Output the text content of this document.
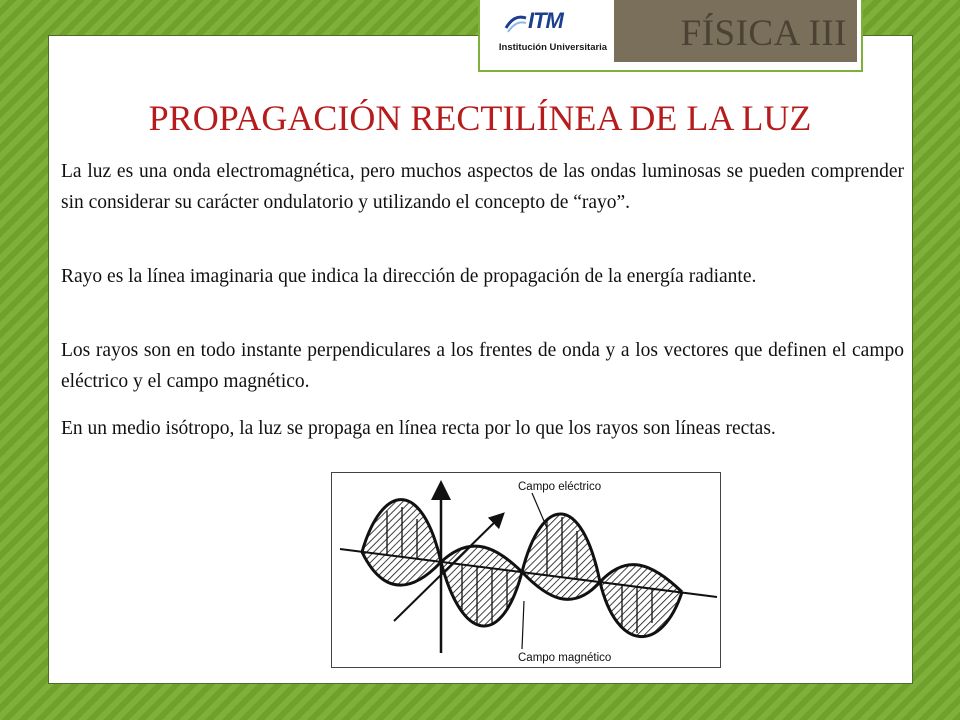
ITM
Institución Universitaria FÍSICA III
PROPAGACIÓN RECTILÍNEA DE LA LUZ

La luz es una onda electromagnética, pero muchos aspectos de las ondas luminosas se pueden comprender sin considerar su carácter ondulatorio y utilizando el concepto de “rayo”.

Rayo es la línea imaginaria que indica la dirección de propagación de la energía radiante.

Los rayos son en todo instante perpendiculares a los frentes de onda y a los vectores que definen el campo eléctrico y el campo magnético.

En un medio isótropo, la luz se propaga en línea recta por lo que los rayos son líneas rectas.

Campo eléctrico
Campo magnético
